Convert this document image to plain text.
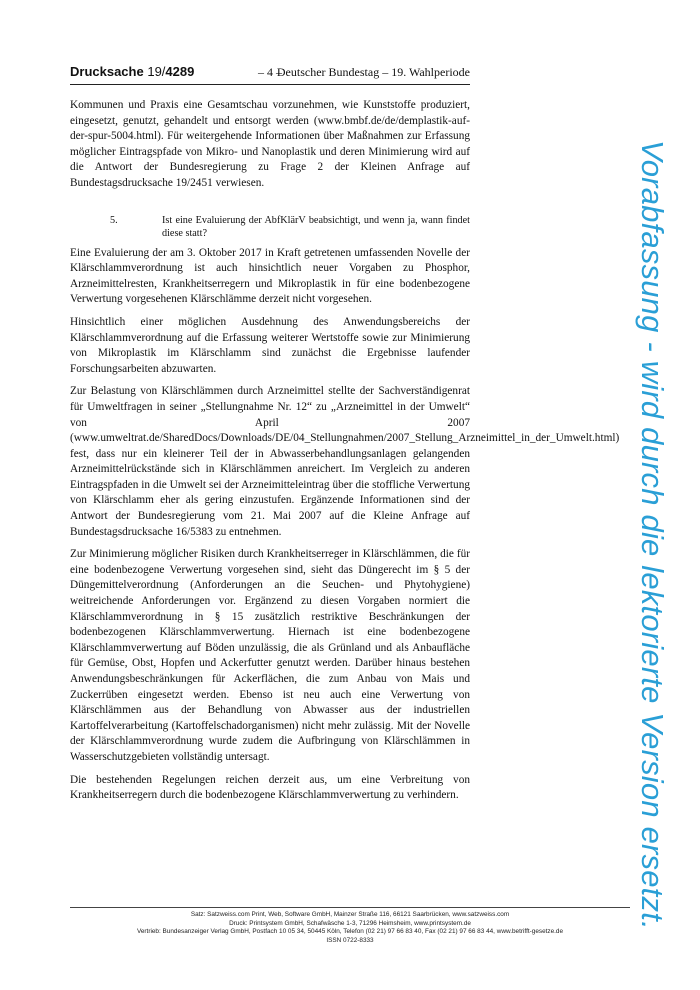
Drucksache 19/4289	– 4 –
Deutscher Bundestag – 19. Wahlperiode

Kommunen und Praxis eine Gesamtschau vorzunehmen, wie Kunststoffe produziert, eingesetzt, genutzt, gehandelt und entsorgt werden (www.bmbf.de/de/demplastik-auf-der-spur-5004.html). Für weitergehende Informationen über Maßnahmen zur Erfassung möglicher Eintragspfade von Mikro- und Nanoplastik und deren Minimierung wird auf die Antwort der Bundesregierung zu Frage 2 der Kleinen Anfrage auf Bundestagsdrucksache 19/2451 verwiesen.

5.	Ist eine Evaluierung der AbfKlärV beabsichtigt, und wenn ja, wann findet diese statt?

Eine Evaluierung der am 3. Oktober 2017 in Kraft getretenen umfassenden Novelle der Klärschlammverordnung ist auch hinsichtlich neuer Vorgaben zu Phosphor, Arzneimittelresten, Krankheitserregern und Mikroplastik in für eine bodenbezogene Verwertung vorgesehenen Klärschlämme derzeit nicht vorgesehen.

Hinsichtlich einer möglichen Ausdehnung des Anwendungsbereichs der Klärschlammverordnung auf die Erfassung weiterer Wertstoffe sowie zur Minimierung von Mikroplastik im Klärschlamm sind zunächst die Ergebnisse laufender Forschungsarbeiten abzuwarten.

Zur Belastung von Klärschlämmen durch Arzneimittel stellte der Sachverständigenrat für Umweltfragen in seiner „Stellungnahme Nr. 12“ zu „Arzneimittel in der Umwelt“ von April 2007 (www.umweltrat.de/SharedDocs/Downloads/DE/04_Stellungnahmen/2007_Stellung_Arzneimittel_in_der_Umwelt.html) fest, dass nur ein kleinerer Teil der in Abwasserbehandlungsanlagen gelangenden Arzneimittelrückstände sich in Klärschlämmen anreichert. Im Vergleich zu anderen Eintragspfaden in die Umwelt sei der Arzneimitteleintrag über die stoffliche Verwertung von Klärschlamm eher als gering einzustufen. Ergänzende Informationen sind der Antwort der Bundesregierung vom 21. Mai 2007 auf die Kleine Anfrage auf Bundestagsdrucksache 16/5383 zu entnehmen.

Zur Minimierung möglicher Risiken durch Krankheitserreger in Klärschlämmen, die für eine bodenbezogene Verwertung vorgesehen sind, sieht das Düngerecht im § 5 der Düngemittelverordnung (Anforderungen an die Seuchen- und Phytohygiene) weitreichende Anforderungen vor. Ergänzend zu diesen Vorgaben normiert die Klärschlammverordnung in § 15 zusätzlich restriktive Beschränkungen der bodenbezogenen Klärschlammverwertung. Hiernach ist eine bodenbezogene Klärschlammverwertung auf Böden unzulässig, die als Grünland und als Anbaufläche für Gemüse, Obst, Hopfen und Ackerfutter genutzt werden. Darüber hinaus bestehen Anwendungsbeschränkungen für Ackerflächen, die zum Anbau von Mais und Zuckerrüben eingesetzt werden. Ebenso ist neu auch eine Verwertung von Klärschlämmen aus der Behandlung von Abwasser aus der industriellen Kartoffelverarbeitung (Kartoffelschadorganismen) nicht mehr zulässig. Mit der Novelle der Klärschlammverordnung wurde zudem die Aufbringung von Klärschlämmen in Wasserschutzgebieten vollständig untersagt.

Die bestehenden Regelungen reichen derzeit aus, um eine Verbreitung von Krankheitserregern durch die bodenbezogene Klärschlammverwertung zu verhindern.	Vorabfassung - wird durch die lektorierte Version ersetzt.
Satz: Satzweiss.com Print, Web, Software GmbH, Mainzer Straße 116, 66121 Saarbrücken, www.satzweiss.com
Druck: Printsystem GmbH, Schafwäsche 1-3, 71296 Heimsheim, www.printsystem.de
Vertrieb: Bundesanzeiger Verlag GmbH, Postfach 10 05 34, 50445 Köln, Telefon (02 21) 97 66 83 40, Fax (02 21) 97 66 83 44, www.betrifft-gesetze.de
ISSN 0722-8333
